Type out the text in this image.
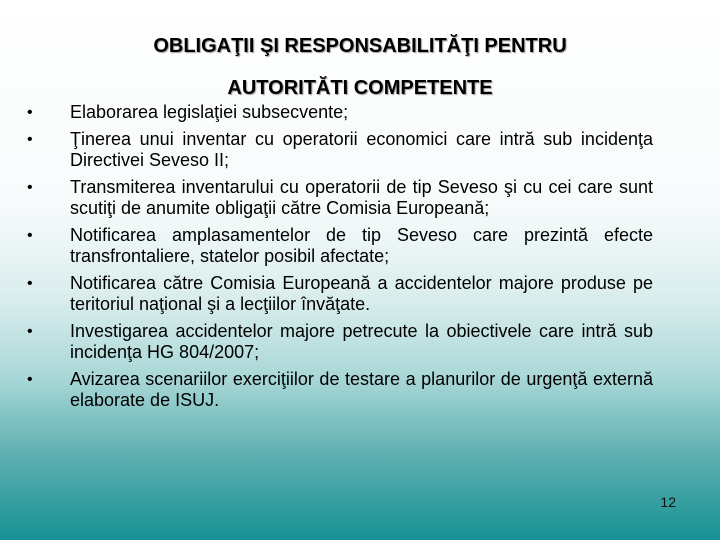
OBLIGAŢII ŞI RESPONSABILITĂŢI PENTRU
AUTORITĂTI COMPETENTE
•	Elaborarea legislaţiei subsecvente;
•	Ţinerea unui inventar cu operatorii economici care intră sub incidenţa Directivei Seveso II;
•	Transmiterea inventarului cu operatorii de tip Seveso şi cu cei care sunt scutiţi de anumite obligaţii către Comisia Europeană;
•	Notificarea amplasamentelor de tip Seveso care prezintă efecte transfrontaliere, statelor posibil afectate;
•	Notificarea către Comisia Europeană a accidentelor majore produse pe teritoriul naţional şi a lecţiilor învăţate.
•	Investigarea accidentelor majore petrecute la obiectivele care intră sub incidenţa HG 804/2007;
•	Avizarea scenariilor exerciţiilor de testare a planurilor de urgenţă externă elaborate de ISUJ.
12
